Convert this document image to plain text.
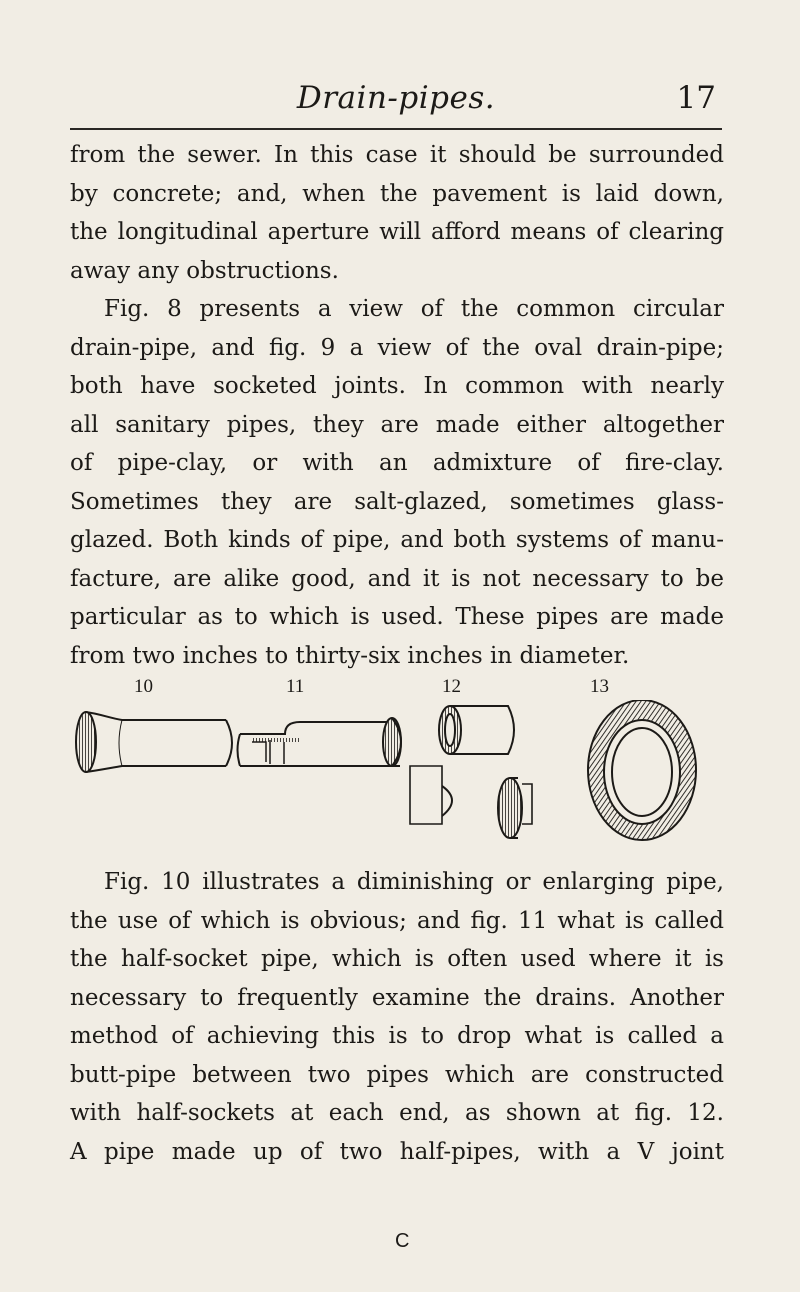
Drain-pipes.	17
from the sewer. In this case it should be surrounded
by concrete; and, when the pavement is laid down,
the longitudinal aperture will afford means of clearing
away any obstructions.
Fig. 8 presents a view of the common circular
drain-pipe, and fig. 9 a view of the oval drain-pipe;
both have socketed joints. In common with nearly
all sanitary pipes, they are made either altogether
of pipe-clay, or with an admixture of fire-clay.
Sometimes they are salt-glazed, sometimes glass-
glazed. Both kinds of pipe, and both systems of manu-
facture, are alike good, and it is not necessary to be
particular as to which is used. These pipes are made
from two inches to thirty-six inches in diameter.
10	11	12	13
Fig. 10 illustrates a diminishing or enlarging pipe,
the use of which is obvious; and fig. 11 what is called
the half-socket pipe, which is often used where it is
necessary to frequently examine the drains. Another
method of achieving this is to drop what is called a
butt-pipe between two pipes which are constructed
with half-sockets at each end, as shown at fig. 12.
A pipe made up of two half-pipes, with a V joint
C
